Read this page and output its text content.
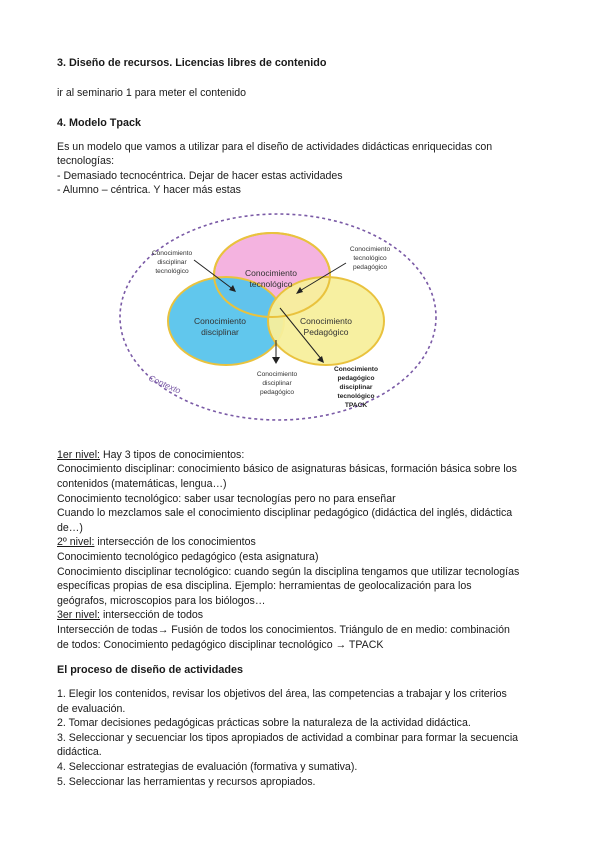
3. Diseño de recursos. Licencias libres de contenido
ir al seminario 1 para meter el contenido
4. Modelo Tpack
Es un modelo que vamos a utilizar para el diseño de actividades didácticas enriquecidas con
tecnologías:
- Demasiado tecnocéntrica. Dejar de hacer estas actividades
- Alumno – céntrica. Y hacer más estas
Conocimiento
tecnológico
Conocimiento
disciplinar
Conocimiento
Pedagógico
Conocimiento
disciplinar
tecnológico
Conocimiento
tecnológico
pedagógico
Conocimiento
disciplinar
pedagógico
Conocimiento
pedagógico
disciplinar
tecnológico
TPACK
Contexto
1er nivel: Hay 3 tipos de conocimientos:
Conocimiento disciplinar: conocimiento básico de asignaturas básicas, formación básica sobre los
contenidos (matemáticas, lengua…)
Conocimiento tecnológico: saber usar tecnologías pero no para enseñar
Cuando lo mezclamos sale el conocimiento disciplinar pedagógico (didáctica del inglés, didáctica
de…)
2º nivel: intersección de los conocimientos
Conocimiento tecnológico pedagógico (esta asignatura)
Conocimiento disciplinar tecnológico: cuando según la disciplina tengamos que utilizar tecnologías
específicas propias de esa disciplina. Ejemplo: herramientas de geolocalización para los
geógrafos, microscopios para los biólogos…
3er nivel: intersección de todos
Intersección de todas→ Fusión de todos los conocimientos. Triángulo de en medio: combinación
de todos: Conocimiento pedagógico disciplinar tecnológico → TPACK
El proceso de diseño de actividades
1. Elegir los contenidos, revisar los objetivos del área, las competencias a trabajar y los criterios
de evaluación.
2. Tomar decisiones pedagógicas prácticas sobre la naturaleza de la actividad didáctica.
3. Seleccionar y secuenciar los tipos apropiados de actividad a combinar para formar la secuencia
didáctica.
4. Seleccionar estrategias de evaluación (formativa y sumativa).
5. Seleccionar las herramientas y recursos apropiados.
